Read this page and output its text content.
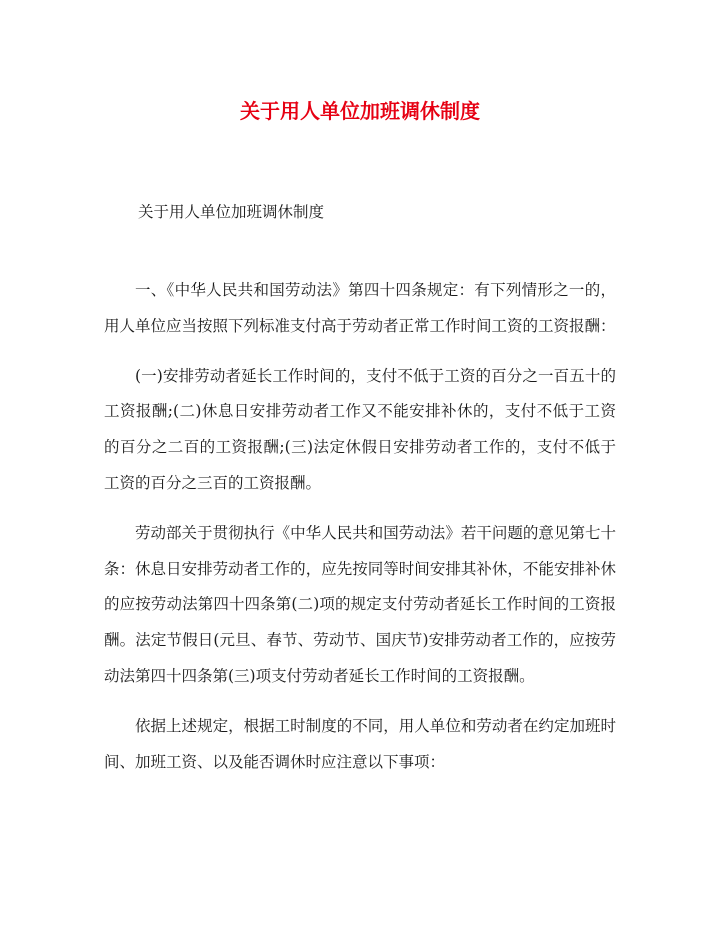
关于用人单位加班调休制度

关于用人单位加班调休制度

一、《中华人民共和国劳动法》第四十四条规定：有下列情形之一的，用人单位应当按照下列标准支付高于劳动者正常工作时间工资的工资报酬：

(一)安排劳动者延长工作时间的，支付不低于工资的百分之一百五十的工资报酬;(二)休息日安排劳动者工作又不能安排补休的，支付不低于工资的百分之二百的工资报酬;(三)法定休假日安排劳动者工作的，支付不低于工资的百分之三百的工资报酬。

劳动部关于贯彻执行《中华人民共和国劳动法》若干问题的意见第七十条：休息日安排劳动者工作的，应先按同等时间安排其补休，不能安排补休的应按劳动法第四十四条第(二)项的规定支付劳动者延长工作时间的工资报酬。法定节假日(元旦、春节、劳动节、国庆节)安排劳动者工作的，应按劳动法第四十四条第(三)项支付劳动者延长工作时间的工资报酬。

依据上述规定，根据工时制度的不同，用人单位和劳动者在约定加班时间、加班工资、以及能否调休时应注意以下事项：
